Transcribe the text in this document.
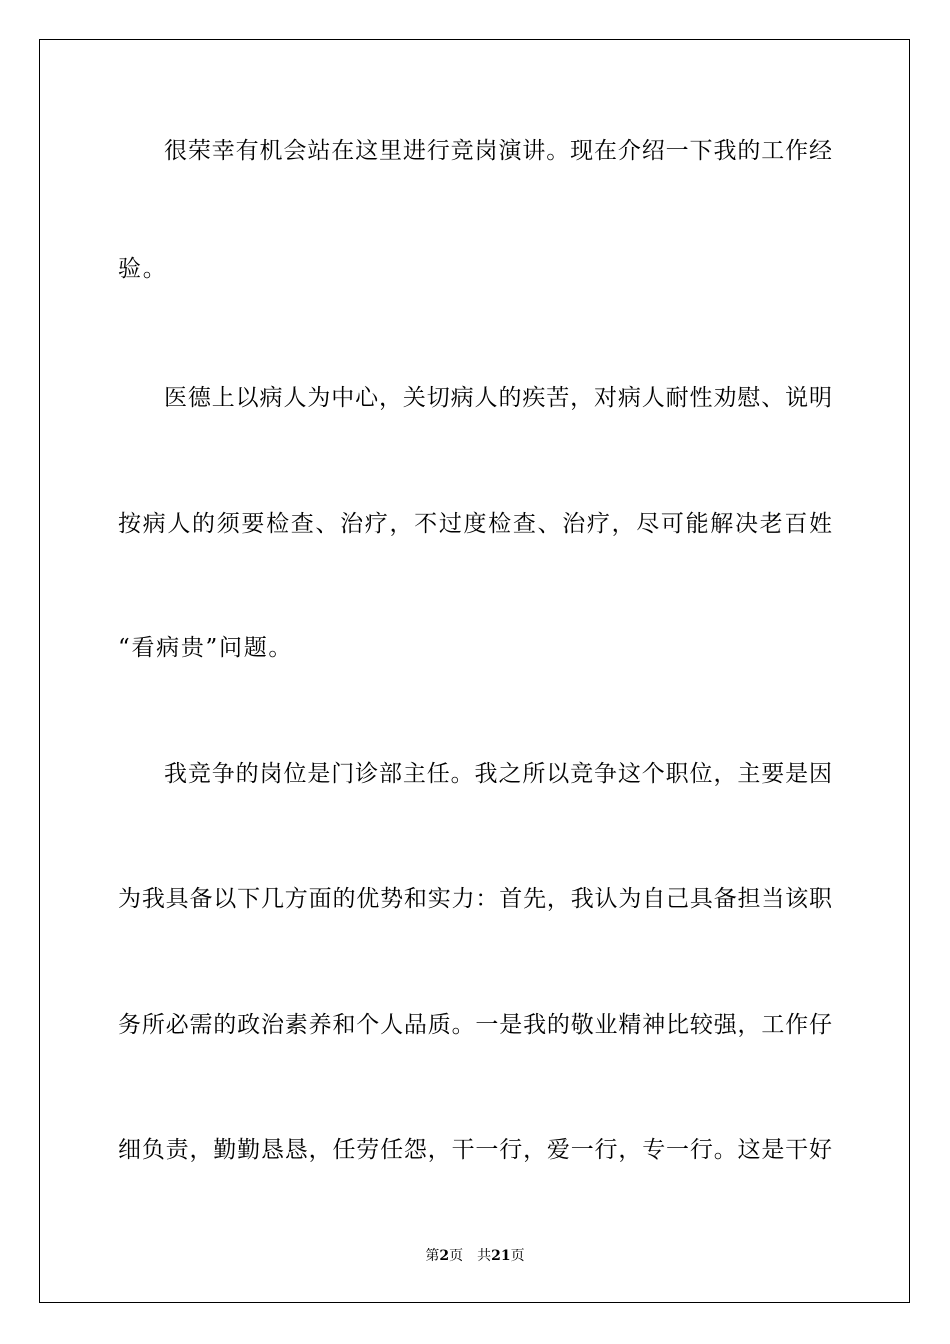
很荣幸有机会站在这里进行竞岗演讲。现在介绍一下我的工作经
验。
医德上以病人为中心，关切病人的疾苦，对病人耐性劝慰、说明
按病人的须要检查、治疗，不过度检查、治疗，尽可能解决老百姓
“看病贵”问题。
我竞争的岗位是门诊部主任。我之所以竞争这个职位，主要是因
为我具备以下几方面的优势和实力：首先，我认为自己具备担当该职
务所必需的政治素养和个人品质。一是我的敬业精神比较强，工作仔
细负责，勤勤恳恳，任劳任怨，干一行，爱一行，专一行。这是干好
第2页 共21页
